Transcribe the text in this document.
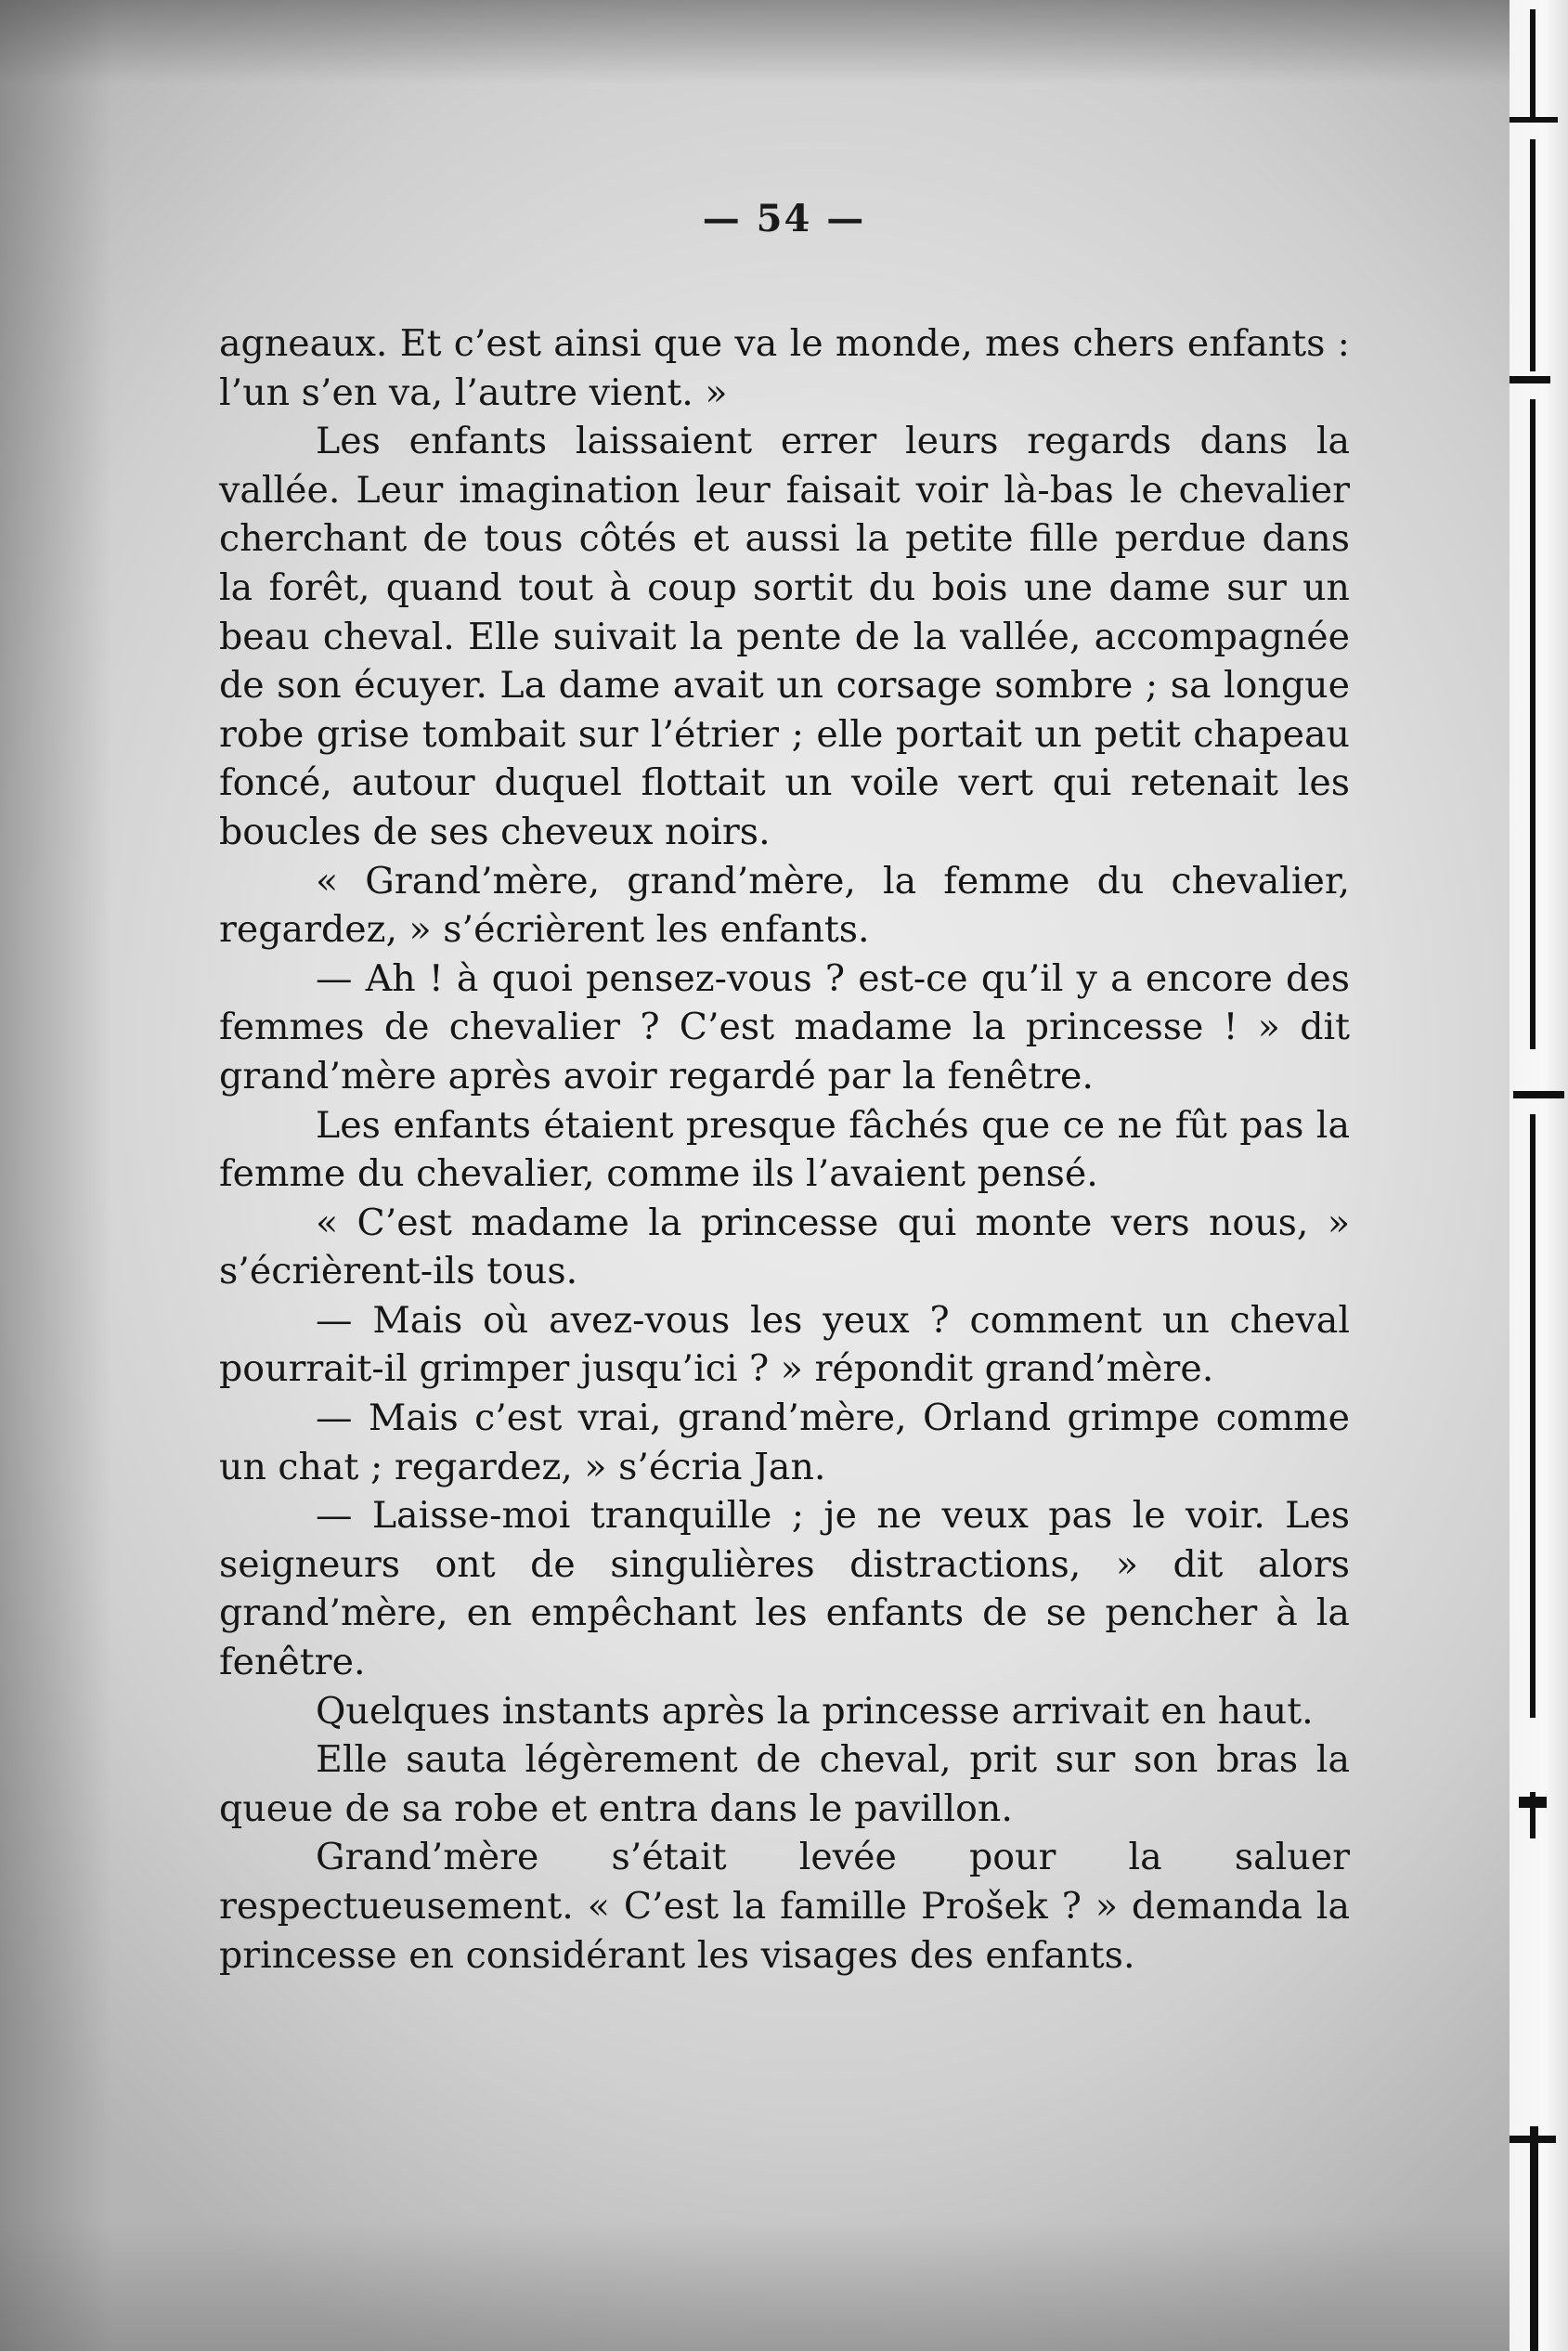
— 54 —

agneaux. Et c’est ainsi que va le monde, mes chers enfants : l’un s’en va, l’autre vient. »

Les enfants laissaient errer leurs regards dans la vallée. Leur imagination leur faisait voir là-bas le chevalier cherchant de tous côtés et aussi la petite fille perdue dans la forêt, quand tout à coup sortit du bois une dame sur un beau cheval. Elle suivait la pente de la vallée, accompagnée de son écuyer. La dame avait un corsage sombre ; sa longue robe grise tombait sur l’étrier ; elle portait un petit chapeau foncé, autour duquel flottait un voile vert qui retenait les boucles de ses cheveux noirs.

« Grand’mère, grand’mère, la femme du chevalier, regardez, » s’écrièrent les enfants.

— Ah ! à quoi pensez-vous ? est-ce qu’il y a encore des femmes de chevalier ? C’est madame la princesse ! » dit grand’mère après avoir regardé par la fenêtre.

Les enfants étaient presque fâchés que ce ne fût pas la femme du chevalier, comme ils l’avaient pensé.

« C’est madame la princesse qui monte vers nous, » s’écrièrent-ils tous.

— Mais où avez-vous les yeux ? comment un cheval pourrait-il grimper jusqu’ici ? » répondit grand’mère.

— Mais c’est vrai, grand’mère, Orland grimpe comme un chat ; regardez, » s’écria Jan.

— Laisse-moi tranquille ; je ne veux pas le voir. Les seigneurs ont de singulières distractions, » dit alors grand’mère, en empêchant les enfants de se pencher à la fenêtre.

Quelques instants après la princesse arrivait en haut.

Elle sauta légèrement de cheval, prit sur son bras la queue de sa robe et entra dans le pavillon.

Grand’mère s’était levée pour la saluer respectueusement. « C’est la famille Prošek ? » demanda la princesse en considérant les visages des enfants.
